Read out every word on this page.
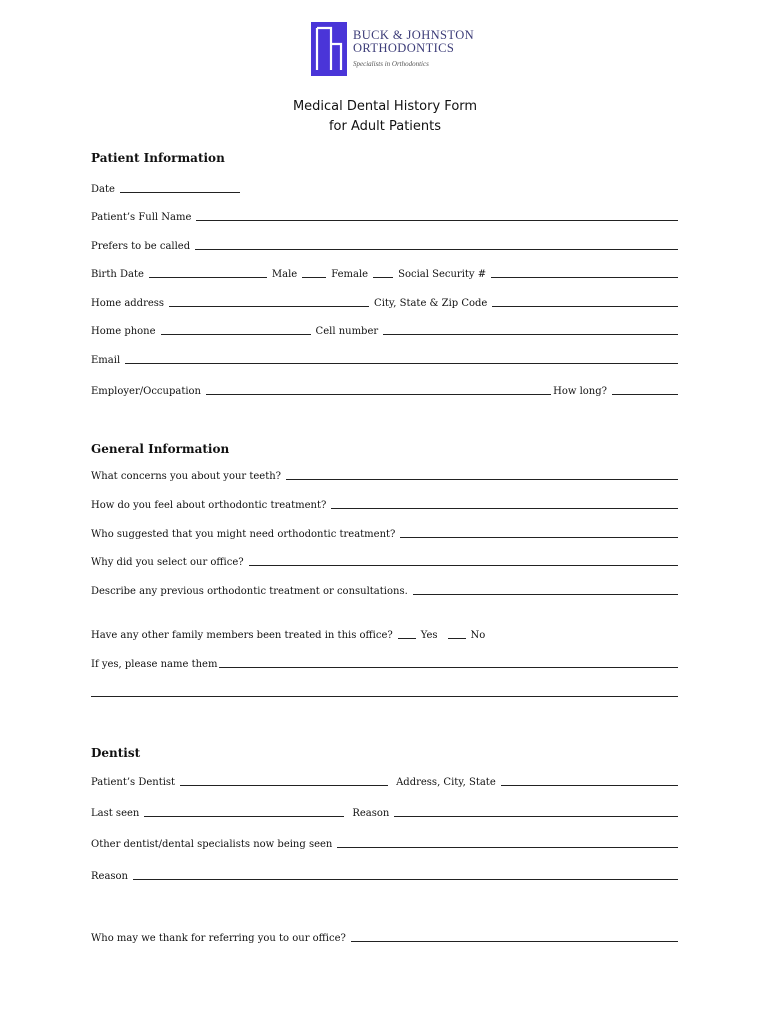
BUCK & JOHNSTON
ORTHODONTICS
Specialists in Orthodontics
Medical Dental History Form
for Adult Patients
Patient Information
Date
Patient’s Full Name
Prefers to be called
Birth Date	Male	Female	Social Security #
Home address	City, State & Zip Code
Home phone	Cell number
Email
Employer/Occupation	How long?
General Information
What concerns you about your teeth?
How do you feel about orthodontic treatment?
Who suggested that you might need orthodontic treatment?
Why did you select our office?
Describe any previous orthodontic treatment or consultations.
Have any other family members been treated in this office?	Yes	No
If yes, please name them
Dentist
Patient’s Dentist	Address, City, State
Last seen	Reason
Other dentist/dental specialists now being seen
Reason
Who may we thank for referring you to our office?
